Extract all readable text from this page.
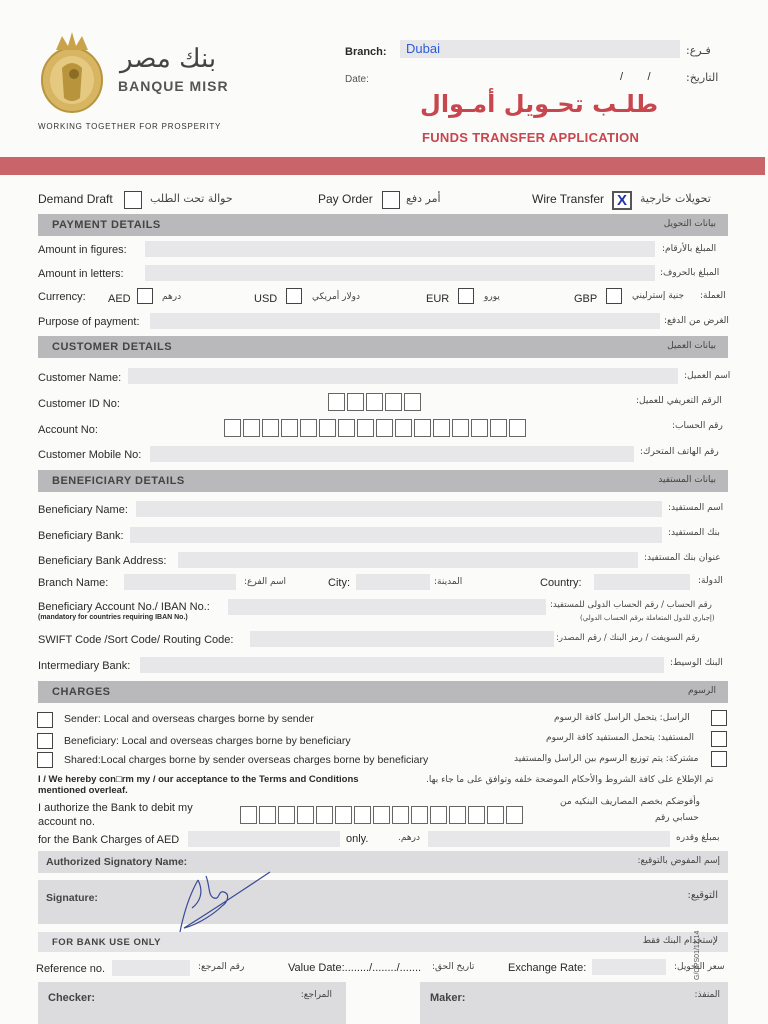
بنك مصر
BANQUE MISR
WORKING TOGETHER FOR PROSPERITY
Branch: Dubai	فـرع:
Date:	/        /	التاريخ:
طلـب تحـويل أمـوال
FUNDS TRANSFER APPLICATION
Demand Draft	حوالة تحت الطلب	Pay Order	أمر دفع	Wire Transfer X تحويلات خارجية
PAYMENT DETAILS	بيانات التحويل
Amount in figures:	المبلغ بالأرقام:
Amount in letters:	المبلغ بالحروف:
Currency: AED	درهم	USD	دولار أمريكي	EUR	يورو	GBP	جنية إسترليني العملة:
Purpose of payment:	الغرض من الدفع:
CUSTOMER DETAILS	بيانات العميل
Customer Name:	اسم العميل:
Customer ID No:	الرقم التعريفي للعميل:
Account No:	رقم الحساب:
Customer Mobile No:	رقم الهاتف المتحرك:
BENEFICIARY DETAILS	بيانات المستفيد
Beneficiary Name:	اسم المستفيد:
Beneficiary Bank:	بنك المستفيد:
Beneficiary Bank Address:	عنوان بنك المستفيد:
Branch Name:	اسم الفرع:	City:	المدينة:	Country:	الدولة:
Beneficiary Account No./ IBAN No.:
(mandatory for countries requiring IBAN No.)
رقم الحساب / رقم الحساب الدولى للمستفيد:
(إجباري للدول المتعاملة برقم الحساب الدولي)
SWIFT Code /Sort Code/ Routing Code:	رقم السويفت / رمز البنك / رقم المصدر:
Intermediary Bank:	البنك الوسيط:
CHARGES	الرسوم
Sender: Local and overseas charges borne by sender	الراسل: يتحمل الراسل كافة الرسوم
Beneficiary: Local and overseas charges borne by beneficiary	المستفيد: يتحمل المستفيد كافة الرسوم
Shared:Local charges borne by sender overseas charges borne by beneficiary	مشتركة: يتم توزيع الرسوم بين الراسل والمستفيد
I / We hereby con□rm my / our acceptance to the Terms and Conditions
mentioned overleaf.
تم الإطلاع على كافة الشروط والأحكام الموضحة خلفه وتوافق على ما جاء بها.
I authorize the Bank to debit my
account no.
وأفوضكم بخصم المصاريف البنكيه من
حسابي رقم
for the Bank Charges of AED	only.	درهم.	بمبلغ وقدره
Authorized Signatory Name:	إسم المفوض بالتوقيع:
Signature:	التوقيع:
FOR BANK USE ONLY	لإستخدام البنك فقط
Reference no.	رقم المرجع:	Value Date:......../......../....... تاريخ الحق:	Exchange Rate:	سعر التحويل:
Checker:	المراجع:	Maker:	المنفذ:
G/OPS01/12.14
